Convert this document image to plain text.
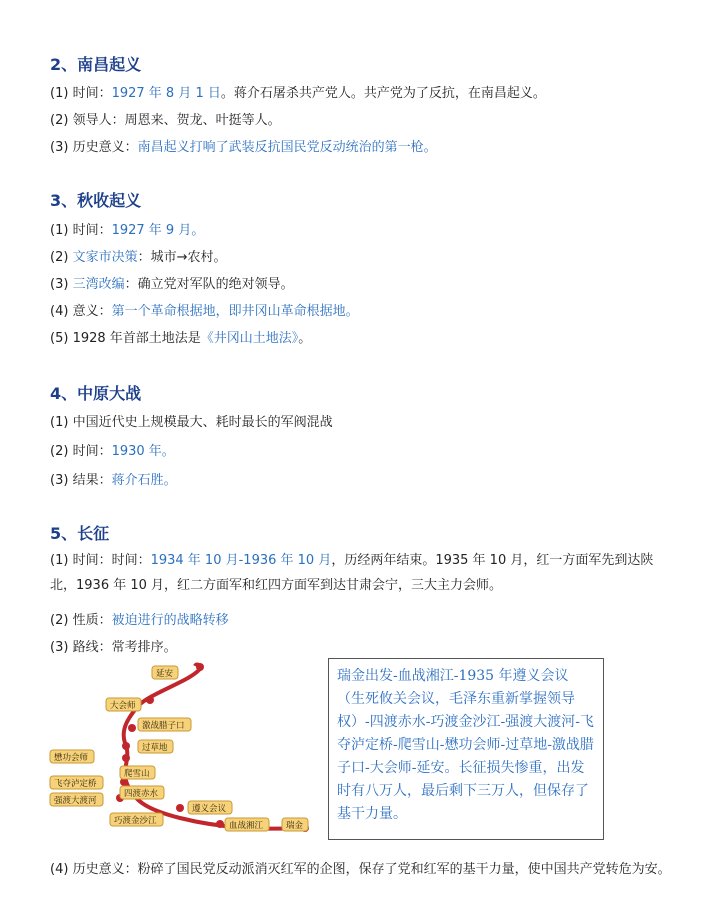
2、南昌起义
(1) 时间：1927 年 8 月 1 日。蒋介石屠杀共产党人。共产党为了反抗，在南昌起义。
(2) 领导人：周恩来、贺龙、叶挺等人。
(3) 历史意义：南昌起义打响了武装反抗国民党反动统治的第一枪。
3、秋收起义
(1) 时间：1927 年 9 月。
(2) 文家市决策：城市→农村。
(3) 三湾改编：确立党对军队的绝对领导。
(4) 意义：第一个革命根据地，即井冈山革命根据地。
(5) 1928 年首部土地法是《井冈山土地法》。
4、中原大战
(1) 中国近代史上规模最大、耗时最长的军阀混战
(2) 时间：1930 年。
(3) 结果：蒋介石胜。
5、长征
(1) 时间：时间：1934 年 10 月-1936 年 10 月，历经两年结束。1935 年 10 月，红一方面军先到达陕北，1936 年 10 月，红二方面军和红四方面军到达甘肃会宁，三大主力会师。
(2) 性质：被迫进行的战略转移
(3) 路线：常考排序。
延安
大会师
激战腊子口
过草地
懋功会师
爬雪山
飞夺泸定桥
四渡赤水
遵义会议
强渡大渡河
巧渡金沙江	血战湘江	瑞金
瑞金出发-血战湘江-1935 年遵义会议（生死攸关会议，毛泽东重新掌握领导权）-四渡赤水-巧渡金沙江-强渡大渡河-飞夺泸定桥-爬雪山-懋功会师-过草地-激战腊子口-大会师-延安。长征损失惨重，出发时有八万人，最后剩下三万人，但保存了基干力量。
(4) 历史意义：粉碎了国民党反动派消灭红军的企图，保存了党和红军的基干力量，使中国共产党转危为安。
